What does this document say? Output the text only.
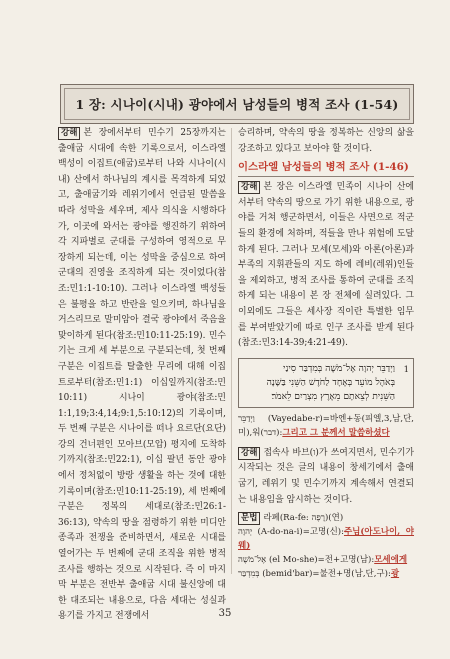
1 장: 시나이(시내) 광야에서 남성들의 병적 조사 (1-54)

강해 본 장에서부터 민수기 25장까지는 출애굽 시대에 속한 기록으로서, 이스라엘 백성이 이집트(애굽)로부터 나와 시나이(시내) 산에서 하나님의 계시를 목격하게 되었고, 출애굽기와 레위기에서 언급된 말씀을 따라 성막을 세우며, 제사 의식을 시행하다가, 이곳에 와서는 광야를 행진하기 위하여 각 지파별로 군대를 구성하여 영적으로 무장하게 되는데, 이는 성막을 중심으로 하여 군대의 진영을 조직하게 되는 것이었다(참조:민1:1-10:10). 그러나 이스라엘 백성들은 불평을 하고 반란을 일으키며, 하나님을 거스리므로 말미암아 결국 광야에서 죽음을 맞이하게 된다(참조:민10:11-25:19). 민수기는 크게 세 부분으로 구분되는데, 첫 번째 구분은 이집트를 탈출한 무리에 대해 이집트로부터(참조:민1:1) 이십일까지(참조:민10:11) 시나이 광야(참조:민1:1,19;3:4,14;9:1,5:10:12)의 기록이며, 두 번째 구분은 시나이를 떠나 요르단(요단) 강의 건너편인 모아브(모압) 평지에 도착하기까지(참조:민22:1), 이십 팔년 동안 광야에서 정처없이 방랑 생활을 하는 것에 대한 기록이며(참조:민10:11-25:19), 세 번째에 구분은 정복의 세대로(참조:민26:1-36:13), 약속의 땅을 점령하기 위한 미디안 종족과 전쟁을 준비하면서, 새로운 시대를 열어가는 두 번째에 군대 조직을 위한 병적 조사를 행하는 것으로 시작된다. 즉 이 마지막 부분은 전반부 출애굽 시대 불신앙에 대한 대조되는 내용으로, 다음 세대는 성실과 용기를 가지고 전쟁에서

승리하며, 약속의 땅을 정복하는 신앙의 삶을 강조하고 있다고 보아야 할 것이다.

이스라엘 남성들의 병적 조사 (1-46)

강해 본 장은 이스라엘 민족이 시나이 산에서부터 약속의 땅으로 가기 위한 내용으로, 광야를 거쳐 행군하면서, 이들은 사면으로 적군들의 환경에 처하며, 적들을 만나 위험에 도달하게 된다. 그러나 모세(모세)와 아론(아론)과 부족의 지휘관들의 지도 하에 레비(레위)인들을 제외하고, 병적 조사를 통하여 군대를 조직하게 되는 내용이 본 장 전체에 실려있다. 그 이외에도 그들은 세사장 직이란 특별한 임무를 부여받았기에 따로 인구 조사를 받게 된다(참조:민3:14-39;4:21-49).

1
וַיְדַבֵּר יְהוָה אֶל־מֹשֶׁה בְּמִדְבַּר סִינַי
בְּאֹהֶל מוֹעֵד בְּאֶחָד לַחֹדֶשׁ הַשֵּׁנִי בַּשָּׁנָה
הַשֵּׁנִית לְצֵאתָם מֵאֶרֶץ מִצְרַיִם לֵאמֹר׃
וַיְדַבֵּר (Vayedabe-r)=바엔+동(피엘,3,남,단,미),워(דבר):그리고 그 분께서 말씀하셨다

강해 접속사 바브(ו)가 쓰여지면서, 민수기가 시작되는 것은 글의 내용이 창세기에서 출애굽기, 레위기 및 민수기까지 계속해서 연결되는 내용임을 암시하는 것이다.

문법 라페(Ra-fe: רָפֶה)(연)
יְהוָה (A-do-na-i)=고명(신):주님(아도나이, 야웨)
אֶל־מֹשֶׁה (el Mo-she)=전+고명(남):모세에게
בְּמִדְבַּר (bemid'bar)=불전+명(남,단,구):광
35
